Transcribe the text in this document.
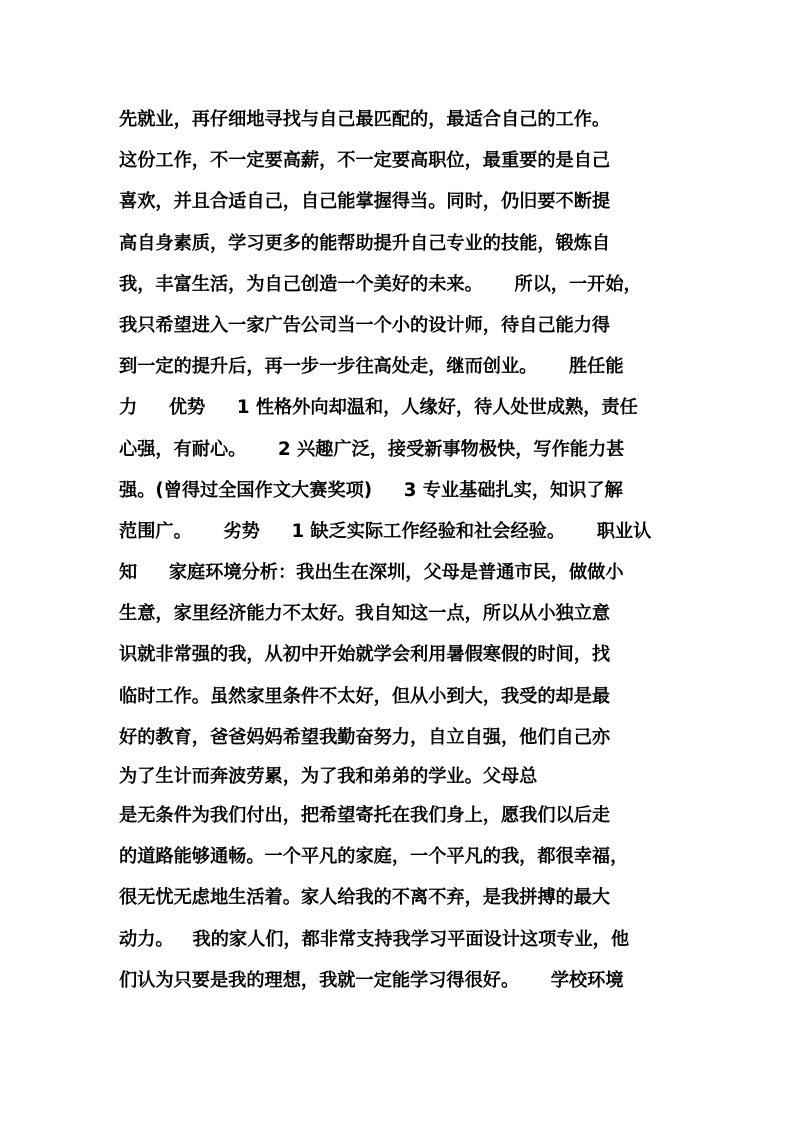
先就业，再仔细地寻找与自己最匹配的，最适合自己的工作。
这份工作，不一定要高薪，不一定要高职位，最重要的是自己
喜欢，并且合适自己，自己能掌握得当。同时，仍旧要不断提
高自身素质，学习更多的能帮助提升自己专业的技能，锻炼自
我，丰富生活，为自己创造一个美好的未来。     所以，一开始，
我只希望进入一家广告公司当一个小的设计师，待自己能力得
到一定的提升后，再一步一步往高处走，继而创业。     胜任能
力     优势     1 性格外向却温和，人缘好，待人处世成熟，责任
心强，有耐心。     2 兴趣广泛，接受新事物极快，写作能力甚
强。(曾得过全国作文大赛奖项)     3 专业基础扎实，知识了解
范围广。     劣势     1 缺乏实际工作经验和社会经验。     职业认
知     家庭环境分析：我出生在深圳，父母是普通市民，做做小
生意，家里经济能力不太好。我自知这一点，所以从小独立意
识就非常强的我，从初中开始就学会利用暑假寒假的时间，找
临时工作。虽然家里条件不太好，但从小到大，我受的却是最
好的教育，爸爸妈妈希望我勤奋努力，自立自强，他们自己亦
为了生计而奔波劳累，为了我和弟弟的学业。父母总
是无条件为我们付出，把希望寄托在我们身上，愿我们以后走
的道路能够通畅。一个平凡的家庭，一个平凡的我，都很幸福，
很无忧无虑地生活着。家人给我的不离不弃，是我拼搏的最大
动力。   我的家人们，都非常支持我学习平面设计这项专业，他
们认为只要是我的理想，我就一定能学习得很好。     学校环境
